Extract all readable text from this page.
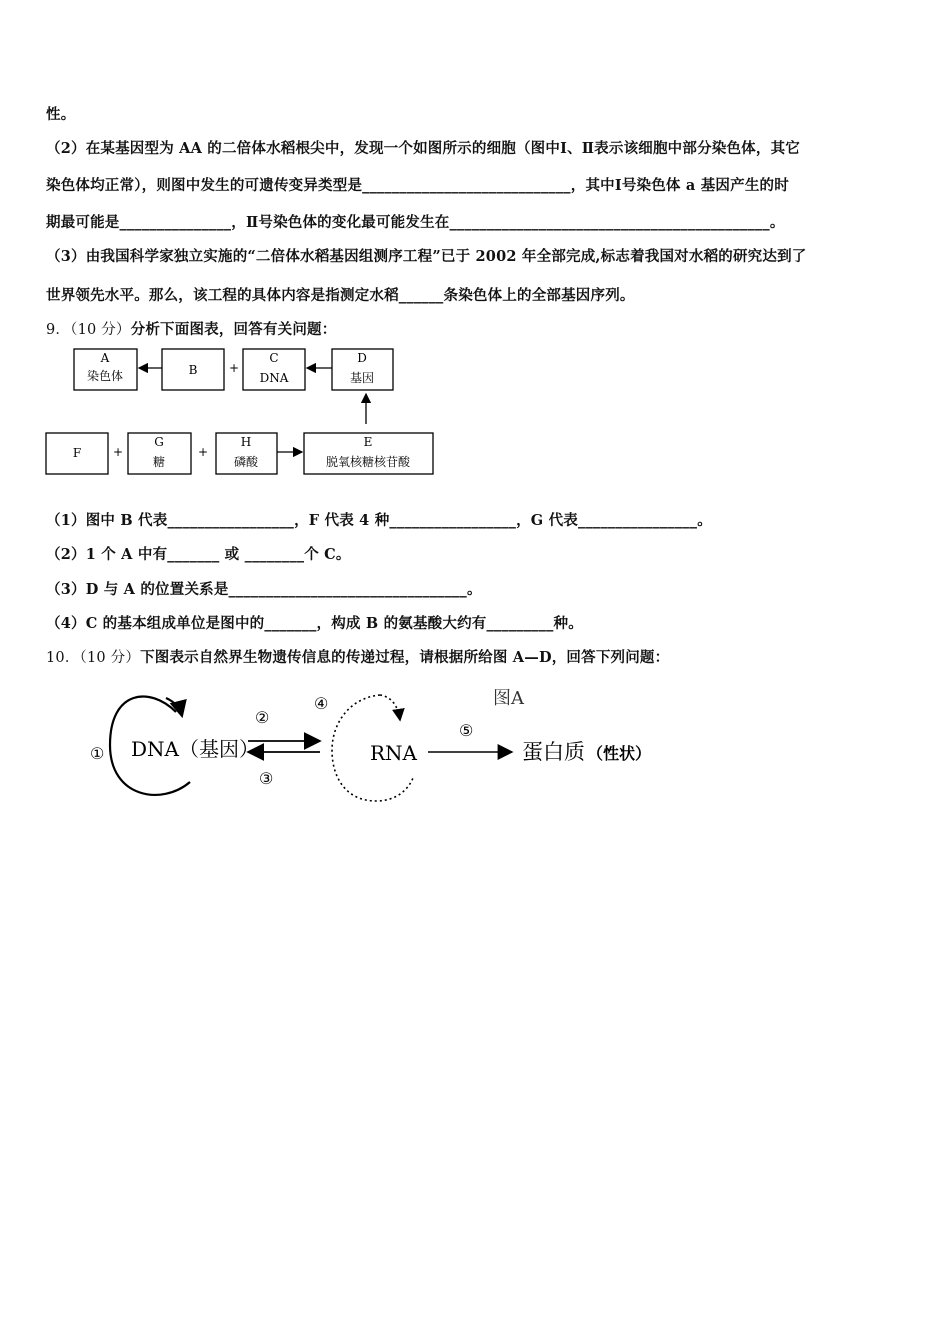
性。
（2）在某基因型为 AA 的二倍体水稻根尖中，发现一个如图所示的细胞（图中Ⅰ、Ⅱ表示该细胞中部分染色体，其它
染色体均正常），则图中发生的可遗传变异类型是____________________________，其中Ⅰ号染色体 a 基因产生的时
期最可能是_______________，Ⅱ号染色体的变化最可能发生在___________________________________________。
（3）由我国科学家独立实施的“二倍体水稻基因组测序工程”已于 2002 年全部完成,标志着我国对水稻的研究达到了
世界领先水平。那么，该工程的具体内容是指测定水稻______条染色体上的全部基因序列。
9．（10 分）分析下面图表，回答有关问题：
A
染色体	B	+
C
DNA
D
基因
F	+
G
糖
+
H
磷酸
E
脱氧核糖核苷酸
（1）图中 B 代表_________________，F 代表 4 种_________________，G 代表________________。
（2）1 个 A 中有_______ 或 ________个 C。
（3）D 与 A 的位置关系是________________________________。
（4）C 的基本组成单位是图中的_______，构成 B 的氨基酸大约有_________种。
10．（10 分）下图表示自然界生物遗传信息的传递过程，请根据所给图 A—D，回答下列问题：
图A
① DNA（基因）
②
③
④
RNA
⑤
蛋白质 （性状）
